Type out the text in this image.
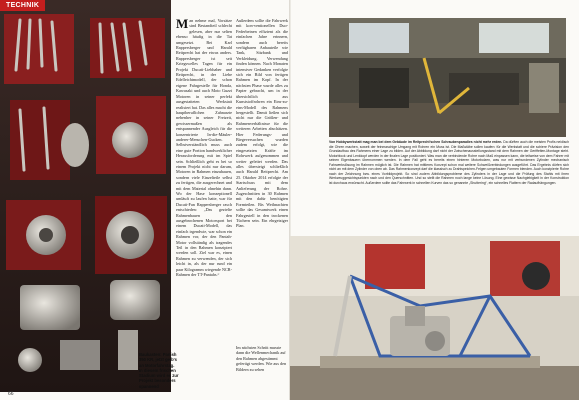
TECHNIK
Baukasten: Panish 350 KR, jetzt gelb's an Motorfahrstag. In diesem frischen Stadium wird es zur Projekt besonders spannend
66

Man nehme mal, Vorsätze sind Bestandteil schlecht gelesen, aber nur selten ebenso häufig in die Tat umgesetzt. Bei Karl Rappersberger und Harald Reitprecht hat der etwas anders. Rappersberger ist seit Kriegswelles Tagen für ein Projekt Ducati-Liebhaber und Reitprecht, in der Liebe Edelleichtmodell, der schon eigene Fahrgestelle für Honda, Kawasaki und auch Moto Guzzi Motoren in seiner perfekt ausgestatteten Werkstatt realisiert hat. Das alles macht die hauptberuflichen Zahnarzte nebenher in seiner Freizeit, gewissermaßen als entspannender Ausgleich für die konzentrierte In-die-Mäuler-anderer-Menschen-Gucken. Selbstverständlich muss auch eine gute Portion handwerklicher Herausforderung mit im Spiel sein. Schließlich geht es bei so einem Projekt nicht nur darum, Motoren in Rahmen einzubauen, sondern viele Einzelteile selbst zu fertigen, die ausgerechnet und mit dem Material ohnehin dann. Wo der Hase konzeptionell umläuft zu laufen hatte, war für Ducati-Fan Rappersberger rasch entschieden: „Das gezielte Rahmenbauen den ausgebrochenen Motorsport bei einem Ducati-Modell, das einfach irgendwie, war schon ein Rahmen vor, der den Pantah-Motor vollständig als tragendes Teil in den Rahmen konzipiert werden soll. Ziel war es, einen Rahmen zu verwenden, der sich leicht in, als der nur rund ein paar Kilogramm wiegende NCR-Rahmen der TT-Pantahs.“

Außerdem sollte die Fahrwerk mit kon-ventionellen Duo-Federbeinen effizient als die einfachen Jahre erinnern, sondern auch bereits verfügbaren Anbauteile wie Tank, Sitzbank und Verkleidung. Verwendung finden können. Nach Monaten intensiver Gedanken verfolgte sich ein Bild von fertigen Rahmen im Kopf. In der nächsten Phase wurde alles zu Papier gebracht, um in der übersichtlich aus Kunststoffrohren ein Eins-zu-eins-Modell des Rahmens hergestellt. Damit ließen sich nicht nur die Größen- und Rahmenverhältnisse für die weiteren Arbeiten abschätzen. Hier Federungs- und Biegeversuchen wurden zudem erfolgt, wie die eingesetzten Kräfte im Rohrwerk aufgenommen und weiter geleitet werden. Das alles übersteigt schließlich auch Harald Reitprecht. Am 25. Oktober 2014 erfolgte der Startschuss mit dem Anlieferung der Rohre. Zugeschnitten in 30 Rahmen mit den dafür benötigten Formteilen. Bis Weihnachten sollte das Gesamtwerk einen Fahrgestell in den trockenen Tüchern sein. Ein ehrgeiziger Plan.

Im nächsten Schritt musste dann die Wellenmechanik auf den Rahmen abgestimmt gefertigt werden. Wie aus den Bildern zu sehen
Von Hobbywerkstatt mag man bei dem Gebäude im Reitprecht'schen Schraubenparadies nicht mehr reden. Da dürften auch die meisten Profis neidisch die Ohren machen, soweit der feinmaschige Umgang mit Rohren ein Muss ist. Die Maßstäbe sollen kaufen: für die Werkstatt und die schiere Präzision den Grundaufbau des Rahmens einer Lage zu bilden. Auf der Abbildung darf nicht der Zwischenausstellungsstand mit dem Rahmen der Geriffelten-Montage steht. Motorblock und Lenkkopf werden in der finalen Lage positioniert. Was man die verbindende Rohre nach Maß einpassen kann, die teilweise von dem Fahrer mit seinen Eigenbauern übernommen werden. In dem Fall geht es bereits einen hinteren Motorbolzen, was nur mit verbundenen Zylinder mechanisch Fahrwerkslösung im Rahmen möglich ist. Die Rahmen hat mittleres Konzept schon mal weitere Schweißverbindungen ausgeführt. Das Ergebnis dürfen sich nicht an mit dem Zylinder von oben ab. Das Rahmenkonzept darf die klassisch zu Drahtspeichen-Felgen umgebauten Formen blenden. Auch konzipierte Rohre nach der Zeichnung bzw. eines Vorbildprojekt. So sind zudem Abbildungsprobleme des Zylinders in der Lage und die Prüfung des Stahls mit ihren Werkzeuggesichtspunkten nach und den Querschnitten. Und so stellt die Rahmen noch lange keine Lösung. Eine gewisse Nachgiebigkeit in der Konstruktion ist durchaus erwünscht. Außerdem sollte das Fahrwerk in schnellen Kurven das so genannte „Shuttering“, ein schnelles Flattern der Radaufhängungen.
